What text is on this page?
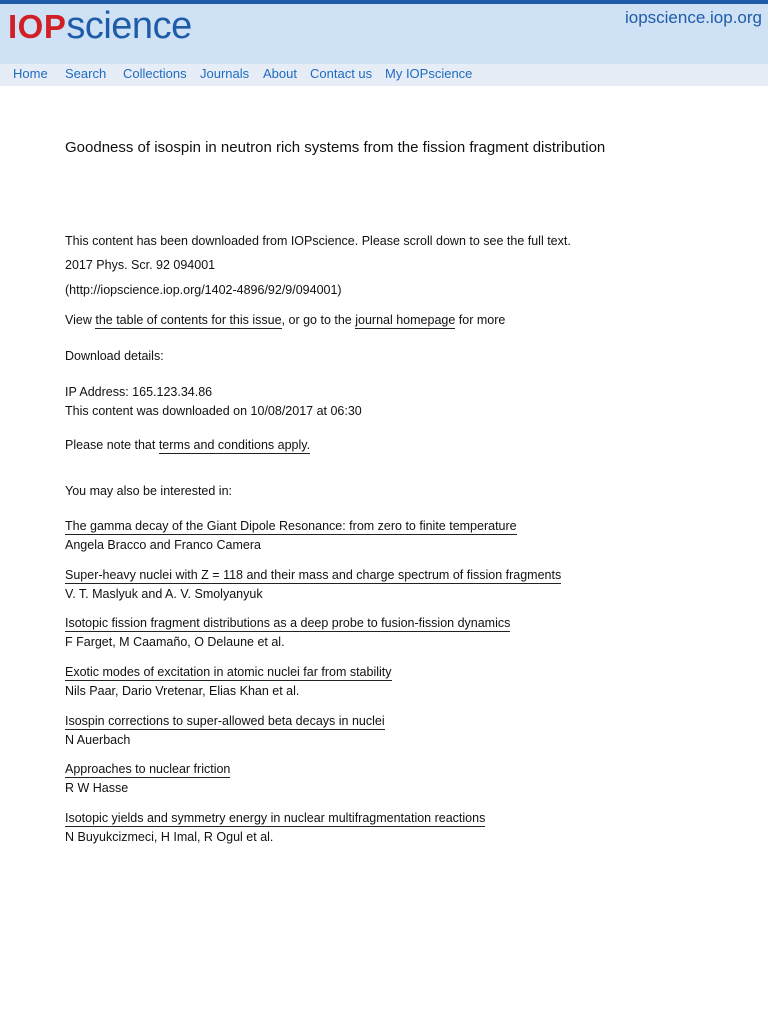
IOPscience	iopscience.iop.org
Home Search Collections Journals About Contact us My IOPscience
Goodness of isospin in neutron rich systems from the fission fragment distribution
This content has been downloaded from IOPscience. Please scroll down to see the full text.
2017 Phys. Scr. 92 094001
(http://iopscience.iop.org/1402-4896/92/9/094001)
View the table of contents for this issue, or go to the journal homepage for more
Download details:
IP Address: 165.123.34.86
This content was downloaded on 10/08/2017 at 06:30
Please note that terms and conditions apply.
You may also be interested in:
The gamma decay of the Giant Dipole Resonance: from zero to finite temperature
Angela Bracco and Franco Camera
Super-heavy nuclei with Z = 118 and their mass and charge spectrum of fission fragments
V. T. Maslyuk and A. V. Smolyanyuk
Isotopic fission fragment distributions as a deep probe to fusion-fission dynamics
F Farget, M Caamaño, O Delaune et al.
Exotic modes of excitation in atomic nuclei far from stability
Nils Paar, Dario Vretenar, Elias Khan et al.
Isospin corrections to super-allowed beta decays in nuclei
N Auerbach
Approaches to nuclear friction
R W Hasse
Isotopic yields and symmetry energy in nuclear multifragmentation reactions
N Buyukcizmeci, H Imal, R Ogul et al.
